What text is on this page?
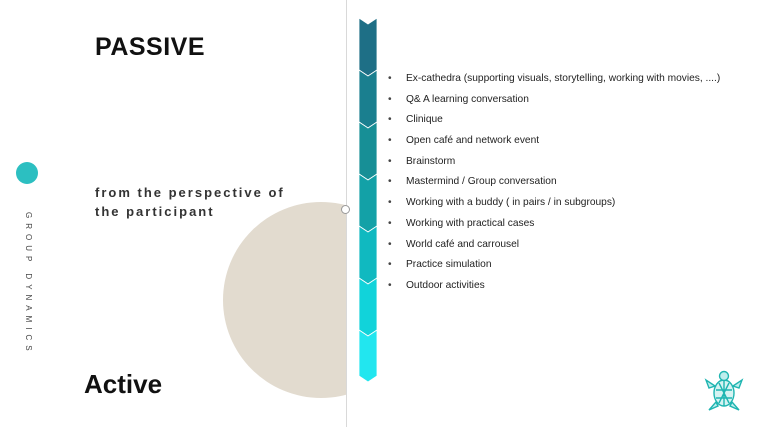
PASSIVE
from the perspective of
the participant
GROUP DYNAMICS
Active
• Ex-cathedra (supporting visuals, storytelling, working with movies, ....)
• Q& A learning conversation
• Clinique
• Open café and network event
• Brainstorm
• Mastermind / Group conversation
• Working with a buddy ( in pairs / in subgroups)
• Working with practical cases
• World café and carrousel
• Practice simulation
• Outdoor activities
